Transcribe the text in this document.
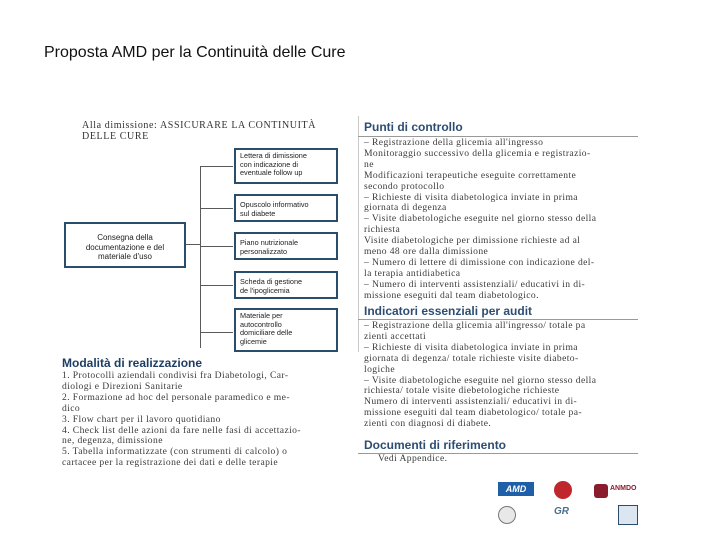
Proposta AMD per la Continuità delle Cure
Alla dimissione: ASSICURARE LA CONTINUITÀ
DELLE CURE
Consegna della
documentazione e del
materiale d'uso
Lettera di dimissione
con indicazione di
eventuale follow up
Opuscolo informativo
sul diabete
Piano nutrizionale
personalizzato
Scheda di gestione
de l'ipoglicemia
Materiale per
autocontrollo
domiciliare delle
glicemie
Modalità di realizzazione
1. Protocolli aziendali condivisi fra Diabetologi, Car-
diologi e Direzioni Sanitarie
2. Formazione ad hoc del personale paramedico e me-
dico
3. Flow chart per il lavoro quotidiano
4. Check list delle azioni da fare nelle fasi di accettazio-
ne, degenza, dimissione
5. Tabella informatizzate (con strumenti di calcolo) o
cartacee per la registrazione dei dati e delle terapie
Punti di controllo
– Registrazione della glicemia all'ingresso
Monitoraggio successivo della glicemia e registrazio-
ne
Modificazioni terapeutiche eseguite correttamente
secondo protocollo
– Richieste di visita diabetologica inviate in prima
giornata di degenza
– Visite diabetologiche eseguite nel giorno stesso della
richiesta
Visite diabetologiche per dimissione richieste ad al
meno 48 ore dalla dimissione
– Numero di lettere di dimissione con indicazione del-
la terapia antidiabetica
– Numero di interventi assistenziali/ educativi in di-
missione eseguiti dal team diabetologico.
Indicatori essenziali per audit
– Registrazione della glicemia all'ingresso/ totale pa
zienti accettati
– Richieste di visita diabetologica inviate in prima
giornata di degenza/ totale richieste visite diabeto-
logiche
– Visite diabetologiche eseguite nel giorno stesso della
richiesta/ totale visite diebetologiche richieste
Numero di interventi assistenziali/ educativi in di-
missione eseguiti dal team diabetologico/ totale pa-
zienti con diagnosi di diabete.
Documenti di riferimento
Vedi Appendice.
AMD	ANMDO
GR
